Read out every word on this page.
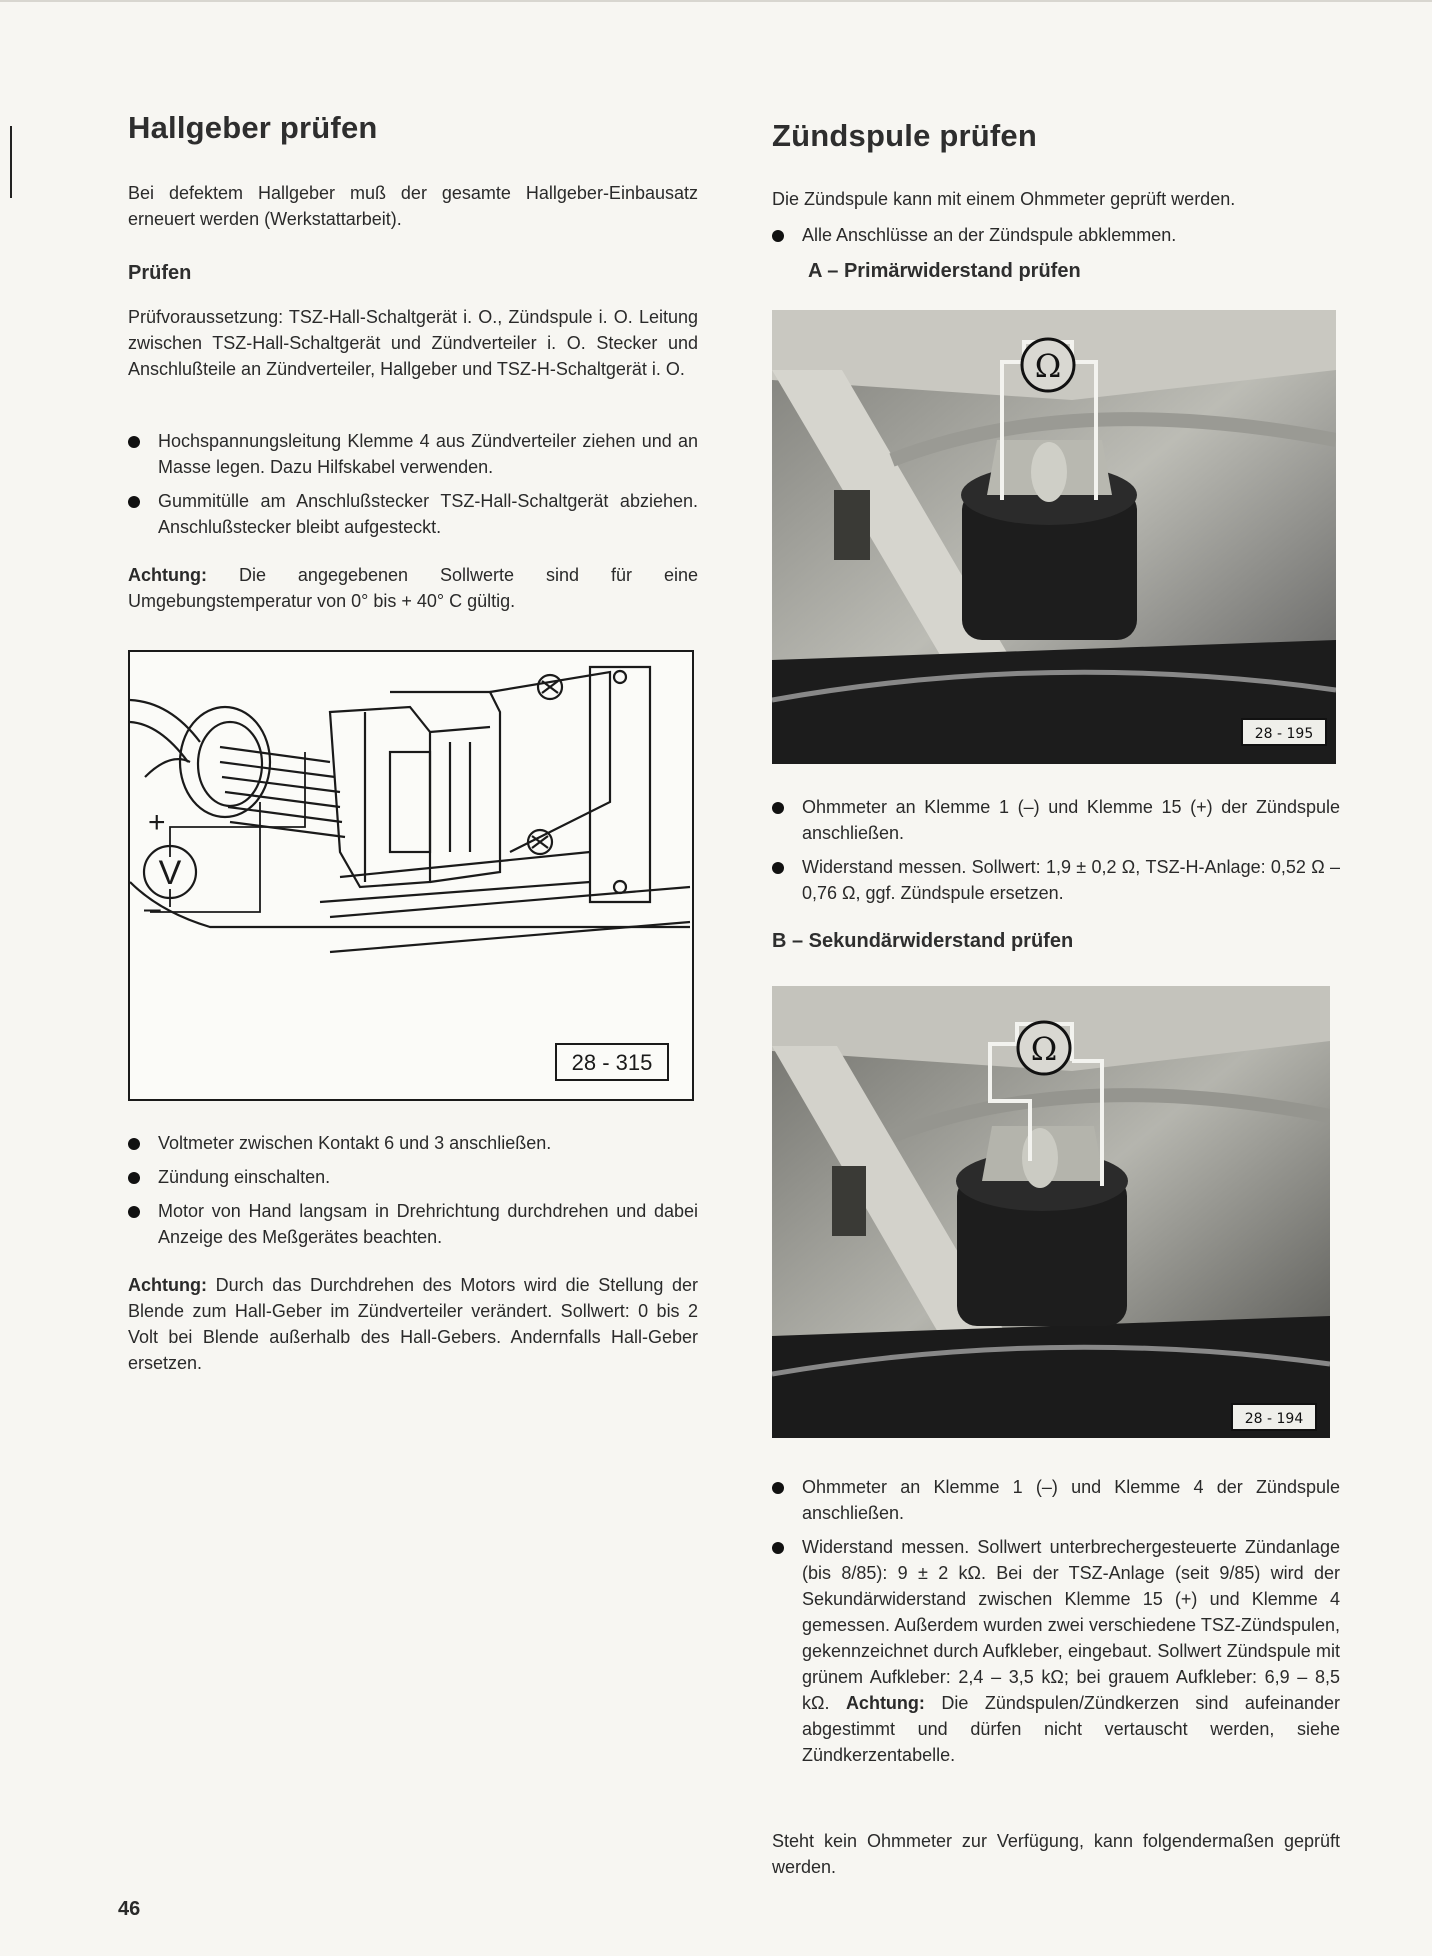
Hallgeber prüfen

Bei defektem Hallgeber muß der gesamte Hallgeber-Einbausatz erneuert werden (Werkstattarbeit).

Prüfen

Prüfvoraussetzung: TSZ-Hall-Schaltgerät i. O., Zündspule i. O. Leitung zwischen TSZ-Hall-Schaltgerät und Zündverteiler i. O. Stecker und Anschlußteile an Zündverteiler, Hallgeber und TSZ-H-Schaltgerät i. O.

Hochspannungsleitung Klemme 4 aus Zündverteiler ziehen und an Masse legen. Dazu Hilfskabel verwenden.
Gummitülle am Anschlußstecker TSZ-Hall-Schaltgerät abziehen. Anschlußstecker bleibt aufgesteckt.

Achtung: Die angegebenen Sollwerte sind für eine Umgebungstemperatur von 0° bis + 40° C gültig.

V
+
–
28 - 315
Voltmeter zwischen Kontakt 6 und 3 anschließen.
Zündung einschalten.
Motor von Hand langsam in Drehrichtung durchdrehen und dabei Anzeige des Meßgerätes beachten.

Achtung: Durch das Durchdrehen des Motors wird die Stellung der Blende zum Hall-Geber im Zündverteiler verändert. Sollwert: 0 bis 2 Volt bei Blende außerhalb des Hall-Gebers. Andernfalls Hall-Geber ersetzen.

Zündspule prüfen

Die Zündspule kann mit einem Ohmmeter geprüft werden.

Alle Anschlüsse an der Zündspule abklemmen.
A – Primärwiderstand prüfen
Ω
28 - 195
Ohmmeter an Klemme 1 (–) und Klemme 15 (+) der Zündspule anschließen.
Widerstand messen. Sollwert: 1,9 ± 0,2 Ω, TSZ-H-Anlage: 0,52 Ω – 0,76 Ω, ggf. Zündspule ersetzen.
B – Sekundärwiderstand prüfen
Ω
28 - 194
Ohmmeter an Klemme 1 (–) und Klemme 4 der Zündspule anschließen.
Widerstand messen. Sollwert unterbrechergesteuerte Zündanlage (bis 8/85): 9 ± 2 kΩ. Bei der TSZ-Anlage (seit 9/85) wird der Sekundärwiderstand zwischen Klemme 15 (+) und Klemme 4 gemessen. Außerdem wurden zwei verschiedene TSZ-Zündspulen, gekennzeichnet durch Aufkleber, eingebaut. Sollwert Zündspule mit grünem Aufkleber: 2,4 – 3,5 kΩ; bei grauem Aufkleber: 6,9 – 8,5 kΩ. Achtung: Die Zündspulen/Zündkerzen sind aufeinander abgestimmt und dürfen nicht vertauscht werden, siehe Zündkerzentabelle.

Steht kein Ohmmeter zur Verfügung, kann folgendermaßen geprüft werden.

46
